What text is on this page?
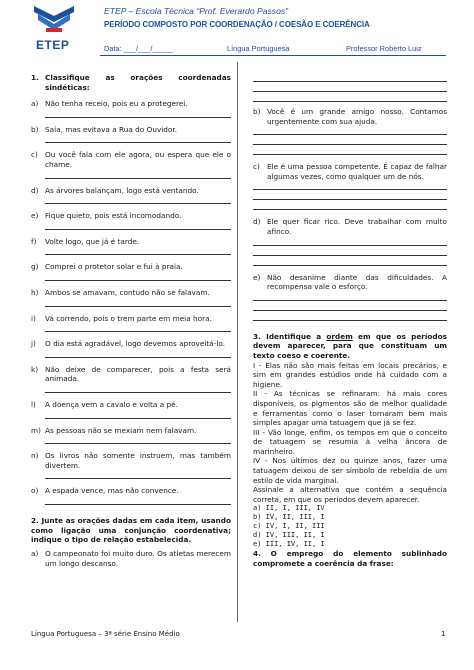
ETEP
ETEP – Escola Técnica “Prof. Everardo Passos”
PERÍODO COMPOSTO POR COORDENAÇÃO / COESÃO E COERÊNCIA
Data: ___/___/_____	Língua Portuguesa	Professor Roberto Luiz
1. Classifique as orações coordenadas sindéticas:
a) Não tenha receio, pois eu a protegerei.
b) Saía, mas evitava a Rua do Ouvidor.
c) Ou você fala com ele agora, ou espera que ele o chame.
d) As árvores balançam, logo está ventando.
e) Fique quieto, pois está incomodando.
f)	Volte logo, que já é tarde.
g) Comprei o protetor solar e fui à praia.
h) Ambos se amavam, contudo não se falavam.
i)	Vá correndo, pois o trem parte em meia hora.
j)	O dia está agradável, logo devemos aproveitá-lo.
k) Não deixe de comparecer, pois a festa será animada.
l)	A doença vem a cavalo e volta a pé.
m) As pessoas não se mexiam nem falavam.
n) Os livros não somente instruem, mas também divertem.
o) A espada vence, mas não convence.
2. Junte as orações dadas em cada item, usando como ligação uma conjunção coordenativa; indique o tipo de relação estabelecida.
a) O campeonato foi muito duro. Os atletas merecem um longo descanso.
b) Você é um grande amigo nosso. Contamos urgentemente com sua ajuda.
c) Ele é uma pessoa competente. É capaz de falhar algumas vezes, como qualquer um de nós.
d) Ele quer ficar rico. Deve trabalhar com muito afinco.
e) Não desanime diante das dificuldades. A recompensa vale o esforço.
3. Identifique a ordem em que os períodos devem aparecer, para que constituam um texto coeso e coerente.
I - Elas não são mais feitas em locais precários, e sim em grandes estúdios onde há cuidado com a higiene.
II - As técnicas se refinaram: há mais cores disponíveis, os pigmentos são de melhor qualidade e ferramentas como o laser tornaram bem mais simples apagar uma tatuagem que já se fez.
III - Vão longe, enfim, os tempos em que o conceito de tatuagem se resumia à velha âncora de marinheiro.
IV - Nos últimos dez ou quinze anos, fazer uma tatuagem deixou de ser símbolo de rebeldia de um estilo de vida marginal.
Assinale a alternativa que contém a sequência correta, em que os períodos devem aparecer.
a) II, I, III, IV
b) IV, II, III, I
c) IV, I, II, III
d) IV, III, II, I
e) III, IV, II, I
4. O emprego do elemento sublinhado compromete a coerência da frase:
Língua Portuguesa – 3ª série Ensino Médio	1
